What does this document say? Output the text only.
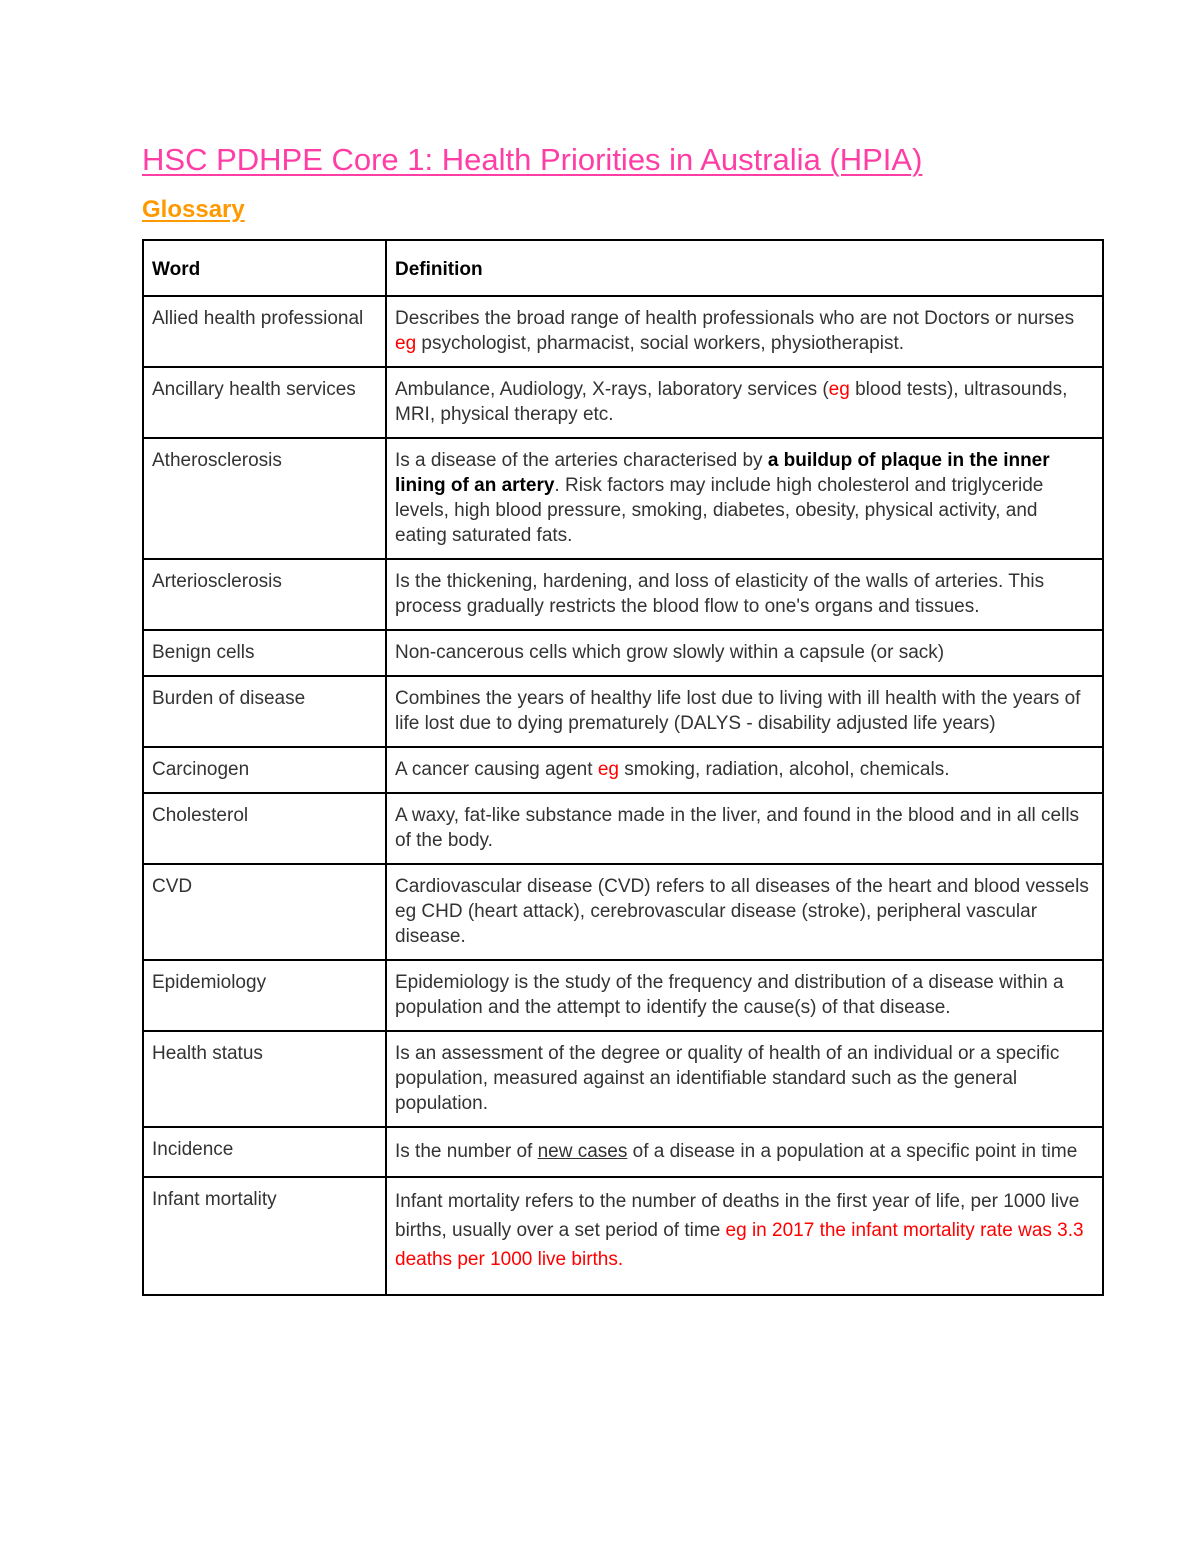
HSC PDHPE Core 1: Health Priorities in Australia (HPIA)
Glossary
Word	Definition
Allied health professional	Describes the broad range of health professionals who are not Doctors or nurses eg psychologist, pharmacist, social workers, physiotherapist.
Ancillary health services	Ambulance, Audiology, X-rays, laboratory services (eg blood tests), ultrasounds, MRI, physical therapy etc.
Atherosclerosis	Is a disease of the arteries characterised by a buildup of plaque in the inner lining of an artery. Risk factors may include high cholesterol and triglyceride levels, high blood pressure, smoking, diabetes, obesity, physical activity, and eating saturated fats.
Arteriosclerosis	Is the thickening, hardening, and loss of elasticity of the walls of arteries. This process gradually restricts the blood flow to one's organs and tissues.
Benign cells	Non-cancerous cells which grow slowly within a capsule (or sack)
Burden of disease	Combines the years of healthy life lost due to living with ill health with the years of life lost due to dying prematurely (DALYS - disability adjusted life years)
Carcinogen	A cancer causing agent eg smoking, radiation, alcohol, chemicals.
Cholesterol	A waxy, fat-like substance made in the liver, and found in the blood and in all cells of the body.
CVD	Cardiovascular disease (CVD) refers to all diseases of the heart and blood vessels eg CHD (heart attack), cerebrovascular disease (stroke), peripheral vascular disease.
Epidemiology	Epidemiology is the study of the frequency and distribution of a disease within a population and the attempt to identify the cause(s) of that disease.
Health status	Is an assessment of the degree or quality of health of an individual or a specific population, measured against an identifiable standard such as the general population.
Incidence	Is the number of new cases of a disease in a population at a specific point in time
Infant mortality	Infant mortality refers to the number of deaths in the first year of life, per 1000 live births, usually over a set period of time eg in 2017 the infant mortality rate was 3.3 deaths per 1000 live births.
